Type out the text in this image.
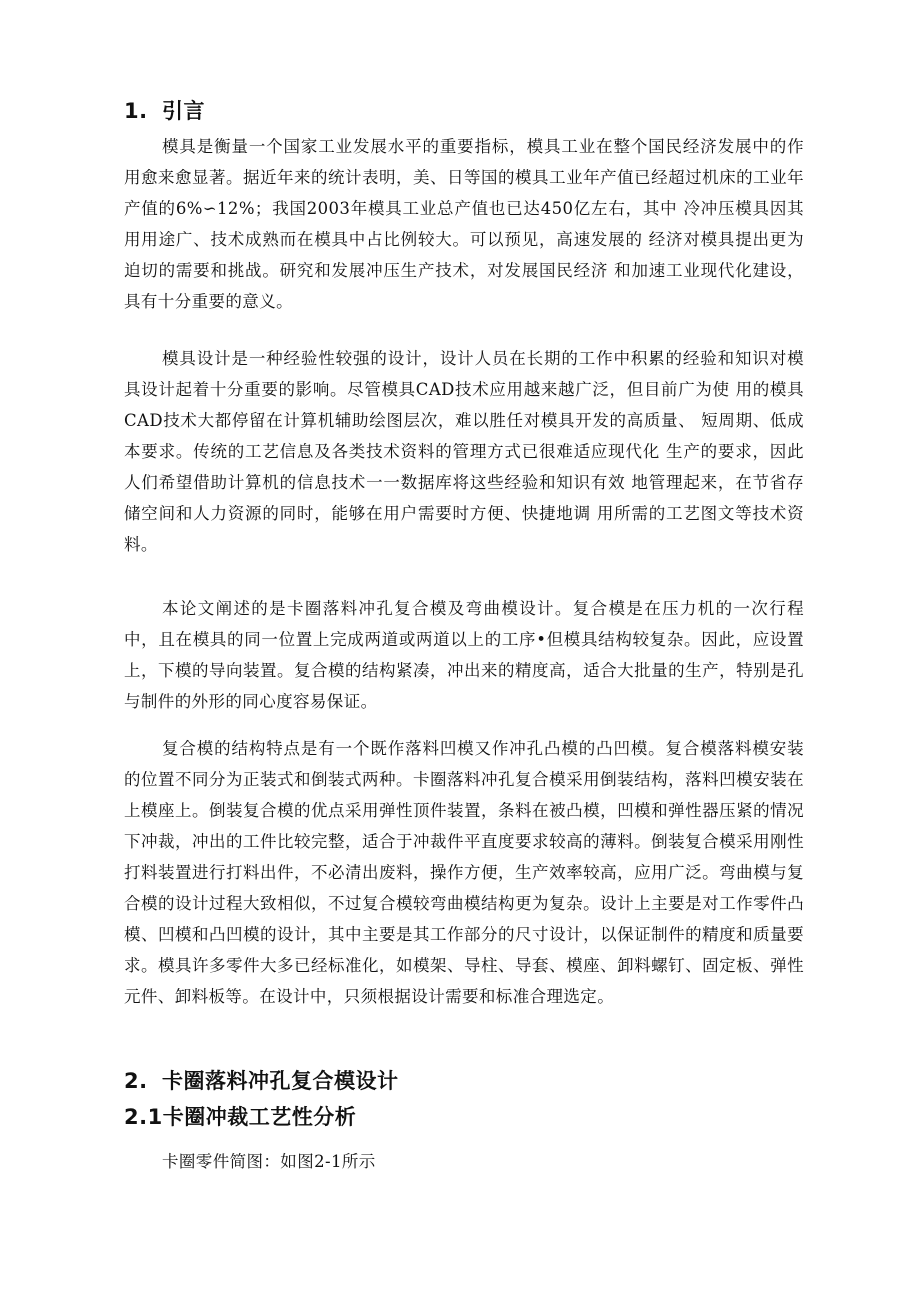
1. 引言

模具是衡量一个国家工业发展水平的重要指标，模具工业在整个国民经济发展中的作用愈来愈显著。据近年来的统计表明，美、日等国的模具工业年产值已经超过机床的工业年产值的6%∽12%；我国2003年模具工业总产值也已达450亿左右，其中 冷冲压模具因其用用途广、技术成熟而在模具中占比例较大。可以预见，高速发展的 经济对模具提出更为迫切的需要和挑战。研究和发展冲压生产技术，对发展国民经济 和加速工业现代化建设，具有十分重要的意义。

模具设计是一种经验性较强的设计，设计人员在长期的工作中积累的经验和知识对模具设计起着十分重要的影响。尽管模具CAD技术应用越来越广泛，但目前广为使 用的模具CAD技术大都停留在计算机辅助绘图层次，难以胜任对模具开发的高质量、 短周期、低成本要求。传统的工艺信息及各类技术资料的管理方式已很难适应现代化 生产的要求，因此人们希望借助计算机的信息技术一一数据库将这些经验和知识有效 地管理起来，在节省存储空间和人力资源的同时，能够在用户需要时方便、快捷地调 用所需的工艺图文等技术资料。

本论文阐述的是卡圈落料冲孔复合模及弯曲模设计。复合模是在压力机的一次行程中，且在模具的同一位置上完成两道或两道以上的工序•但模具结构较复杂。因此，应设置上，下模的导向装置。复合模的结构紧凑，冲出来的精度高，适合大批量的生产，特别是孔与制件的外形的同心度容易保证。

复合模的结构特点是有一个既作落料凹模又作冲孔凸模的凸凹模。复合模落料模安装的位置不同分为正装式和倒装式两种。卡圈落料冲孔复合模采用倒装结构，落料凹模安装在上模座上。倒装复合模的优点采用弹性顶件装置，条料在被凸模，凹模和弹性器压紧的情况下冲裁，冲出的工件比较完整，适合于冲裁件平直度要求较高的薄料。倒装复合模采用刚性打料装置进行打料出件，不必清出废料，操作方便，生产效率较高，应用广泛。弯曲模与复合模的设计过程大致相似，不过复合模较弯曲模结构更为复杂。设计上主要是对工作零件凸模、凹模和凸凹模的设计，其中主要是其工作部分的尺寸设计，以保证制件的精度和质量要求。模具许多零件大多已经标准化，如模架、导柱、导套、模座、卸料螺钉、固定板、弹性元件、卸料板等。在设计中，只须根据设计需要和标准合理选定。

2. 卡圈落料冲孔复合模设计
2.1卡圈冲裁工艺性分析

卡圈零件简图：如图2-1所示
